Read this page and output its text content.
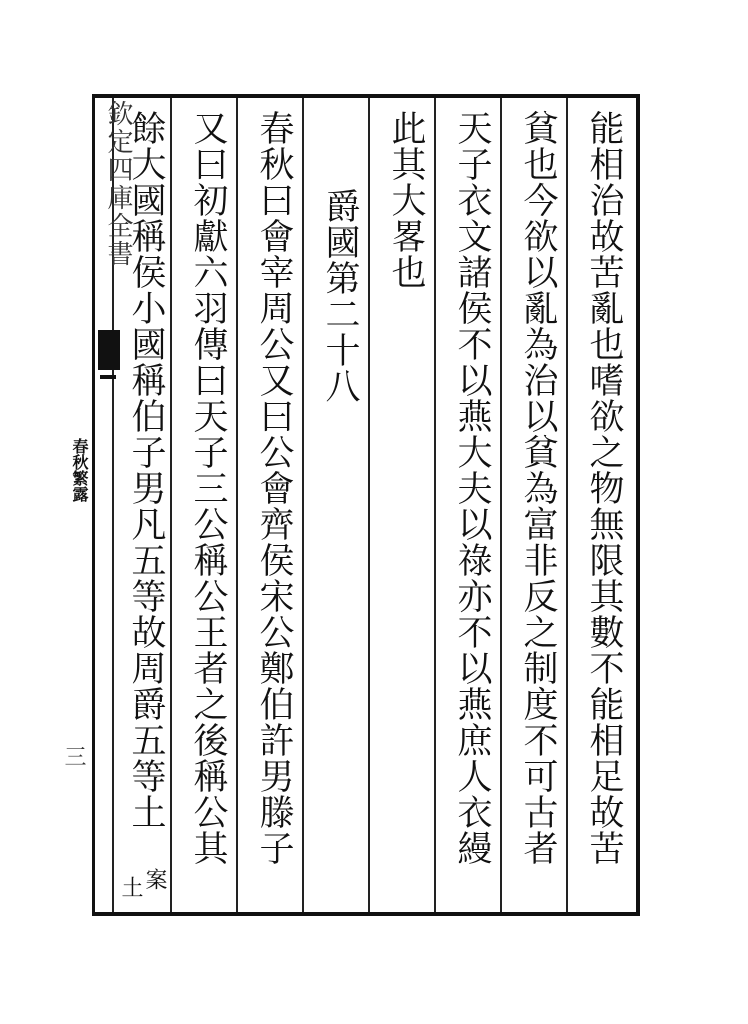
能相治故苦亂也嗜欲之物無限其數不能相足故苦
貧也今欲以亂為治以貧為富非反之制度不可古者
天子衣文諸侯不以燕大夫以祿亦不以燕庶人衣縵
此其大畧也
爵國第二十八
春秋曰會宰周公又曰公會齊侯宋公鄭伯許男滕子
又曰初獻六羽傳曰天子三公稱公王者之後稱公其
餘大國稱侯小國稱伯子男凡五等故周爵五等土
案
土
欽定四庫全書
春秋繁露
三
